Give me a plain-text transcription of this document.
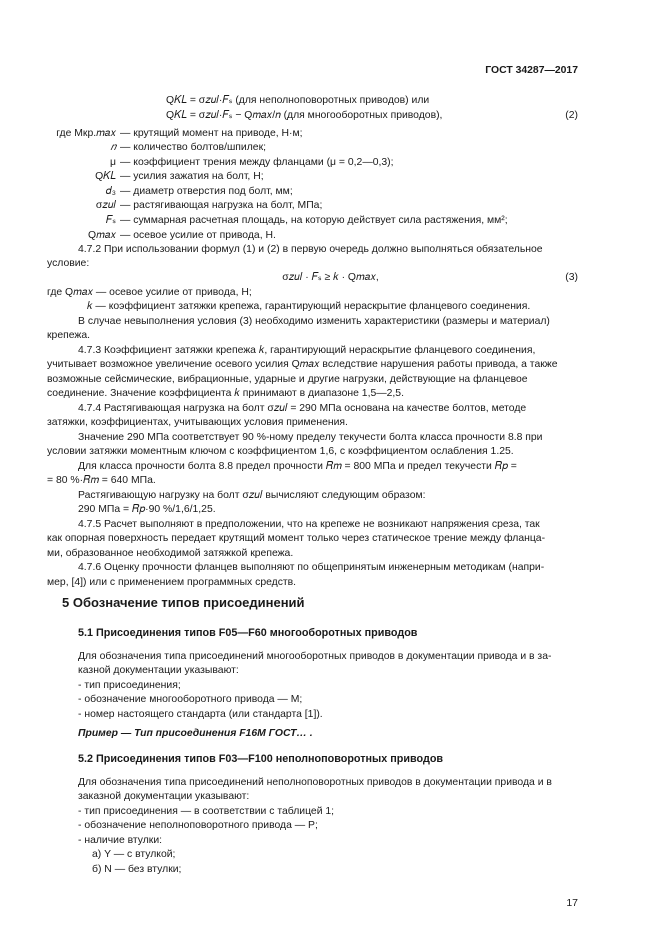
ГОСТ 34287—2017
Q𝐾𝐿 = σ𝑧𝑢𝑙·𝐹ₛ (для неполноповоротных приводов) или
Q𝐾𝐿 = σ𝑧𝑢𝑙·𝐹ₛ − Q𝑚𝑎𝑥/𝑛 (для многооборотных приводов),	(2)
где Mкр.𝑚𝑎𝑥 — крутящий момент на приводе, Н·м;
𝑛 — количество болтов/шпилек;
μ — коэффициент трения между фланцами (μ = 0,2—0,3);
Q𝐾𝐿 — усилия зажатия на болт, Н;
𝑑₃ — диаметр отверстия под болт, мм;
σ𝑧𝑢𝑙 — растягивающая нагрузка на болт, МПа;
𝐹ₛ — суммарная расчетная площадь, на которую действует сила растяжения, мм²;
Q𝑚𝑎𝑥 — осевое усилие от привода, Н.
4.7.2 При использовании формул (1) и (2) в первую очередь должно выполняться обязательное
условие:
σ𝑧𝑢𝑙 · 𝐹ₛ ≥ 𝑘 · Q𝑚𝑎𝑥,	(3)
где Q𝑚𝑎𝑥 — осевое усилие от привода, Н;
𝑘 — коэффициент затяжки крепежа, гарантирующий нераскрытие фланцевого соединения.
В случае невыполнения условия (3) необходимо изменить характеристики (размеры и материал)
крепежа.
4.7.3 Коэффициент затяжки крепежа 𝑘, гарантирующий нераскрытие фланцевого соединения,
учитывает возможное увеличение осевого усилия Q𝑚𝑎𝑥 вследствие нарушения работы привода, а также
возможные сейсмические, вибрационные, ударные и другие нагрузки, действующие на фланцевое
соединение. Значение коэффициента 𝑘 принимают в диапазоне 1,5—2,5.
4.7.4 Растягивающая нагрузка на болт σ𝑧𝑢𝑙 = 290 МПа основана на качестве болтов, методе
затяжки, коэффициентах, учитывающих условия применения.
Значение 290 МПа соответствует 90 %-ному пределу текучести болта класса прочности 8.8 при
условии затяжки моментным ключом с коэффициентом 1,6, с коэффициентом ослабления 1.25.
Для класса прочности болта 8.8 предел прочности 𝑅𝑚 = 800 МПа и предел текучести 𝑅𝑝 =
= 80 %·𝑅𝑚 = 640 МПа.
Растягивающую нагрузку на болт σ𝑧𝑢𝑙 вычисляют следующим образом:
290 МПа = 𝑅𝑝·90 %/1,6/1,25.
4.7.5 Расчет выполняют в предположении, что на крепеже не возникают напряжения среза, так
как опорная поверхность передает крутящий момент только через статическое трение между фланца-
ми, образованное необходимой затяжкой крепежа.
4.7.6 Оценку прочности фланцев выполняют по общепринятым инженерным методикам (напри-
мер, [4]) или с применением программных средств.
5 Обозначение типов присоединений
5.1 Присоединения типов F05—F60 многооборотных приводов
Для обозначения типа присоединений многооборотных приводов в документации привода и в за-
казной документации указывают:
- тип присоединения;
- обозначение многооборотного привода — M;
- номер настоящего стандарта (или стандарта [1]).
Пример — Тип присоединения F16M ГОСТ… .
5.2 Присоединения типов F03—F100 неполноповоротных приводов
Для обозначения типа присоединений неполноповоротных приводов в документации привода и в
заказной документации указывают:
- тип присоединения — в соответствии с таблицей 1;
- обозначение неполноповоротного привода — P;
- наличие втулки:
а) Y — с втулкой;
б) N — без втулки;
17
